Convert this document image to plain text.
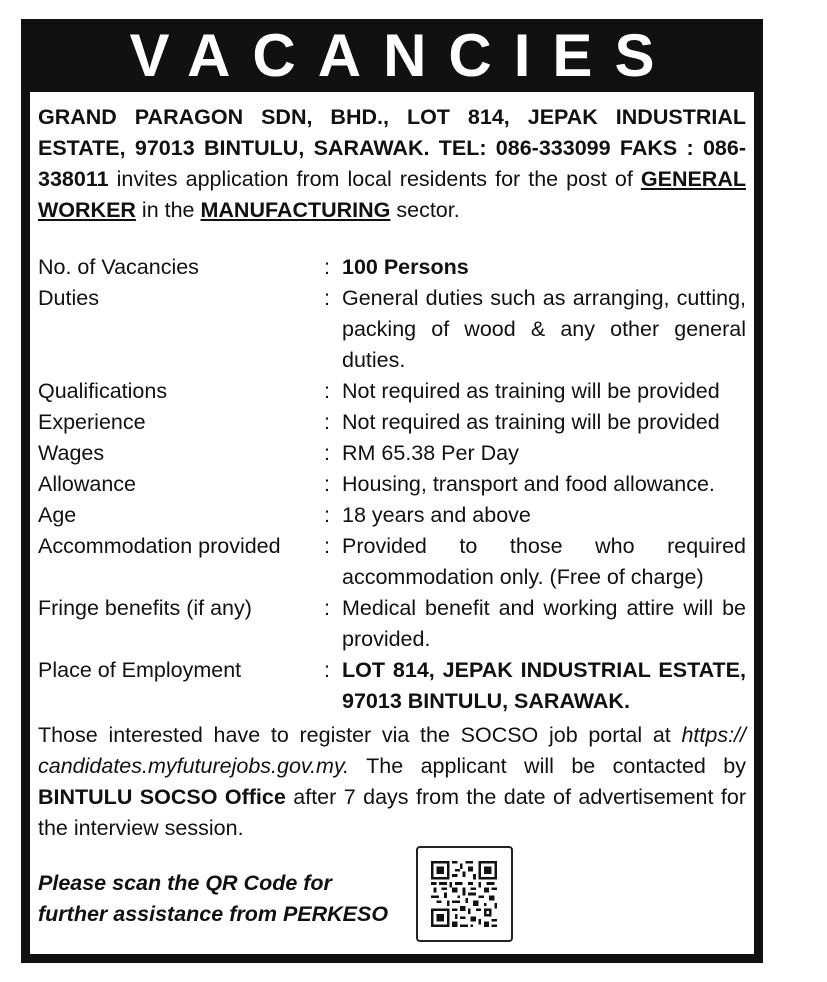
VACANCIES
GRAND PARAGON SDN, BHD., LOT 814, JEPAK INDUSTRIAL ESTATE, 97013 BINTULU, SARAWAK. TEL: 086-333099 FAKS : 086-338011 invites application from local residents for the post of GENERAL WORKER in the MANUFACTURING sector.
No. of Vacancies	: 100 Persons
Duties	: General duties such as arranging, cutting, packing of wood & any other general duties.
Qualifications	: Not required as training will be provided
Experience	: Not required as training will be provided
Wages	: RM 65.38 Per Day
Allowance	: Housing, transport and food allowance.
Age	: 18 years and above
Accommodation provided	: Provided to those who required accommodation only. (Free of charge)
Fringe benefits (if any)	: Medical benefit and working attire will be provided.
Place of Employment	: LOT 814, JEPAK INDUSTRIAL ESTATE, 97013 BINTULU, SARAWAK.
Those interested have to register via the SOCSO job portal at https:// candidates.myfuturejobs.gov.my. The applicant will be contacted by BINTULU SOCSO Office after 7 days from the date of advertisement for the interview session.
Please scan the QR Code for further assistance from PERKESO
